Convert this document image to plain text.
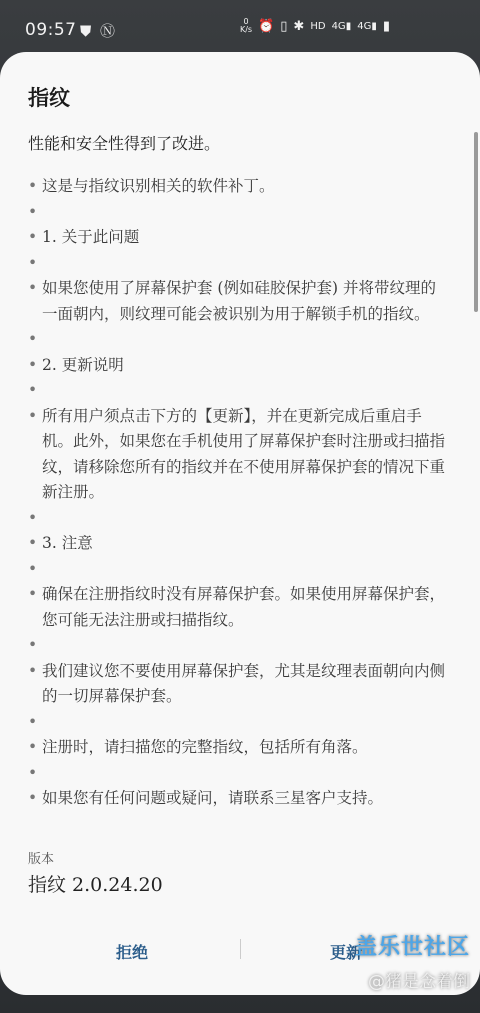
09:57 ⛊ Ⓝ
0
K/s ⏰ ▯ ✱ HD 4G▮ 4G▮ ▮
指纹

性能和安全性得到了改进。

• 这是与指纹识别相关的软件补丁。

•

• 1. 关于此问题

•

• 如果您使用了屏幕保护套 (例如硅胶保护套) 并将带纹理的一面朝内，则纹理可能会被识别为用于解锁手机的指纹。

•

• 2. 更新说明

•

• 所有用户须点击下方的【更新】，并在更新完成后重启手机。此外，如果您在手机使用了屏幕保护套时注册或扫描指纹，请移除您所有的指纹并在不使用屏幕保护套的情况下重新注册。

•

• 3. 注意

•

• 确保在注册指纹时没有屏幕保护套。如果使用屏幕保护套，您可能无法注册或扫描指纹。

•

• 我们建议您不要使用屏幕保护套，尤其是纹理表面朝向内侧的一切屏幕保护套。

•

• 注册时，请扫描您的完整指纹，包括所有角落。

•

• 如果您有任何问题或疑问，请联系三星客户支持。

版本
指纹 2.0.24.20
拒绝	更新
盖乐世社区
@猪是念着倒
